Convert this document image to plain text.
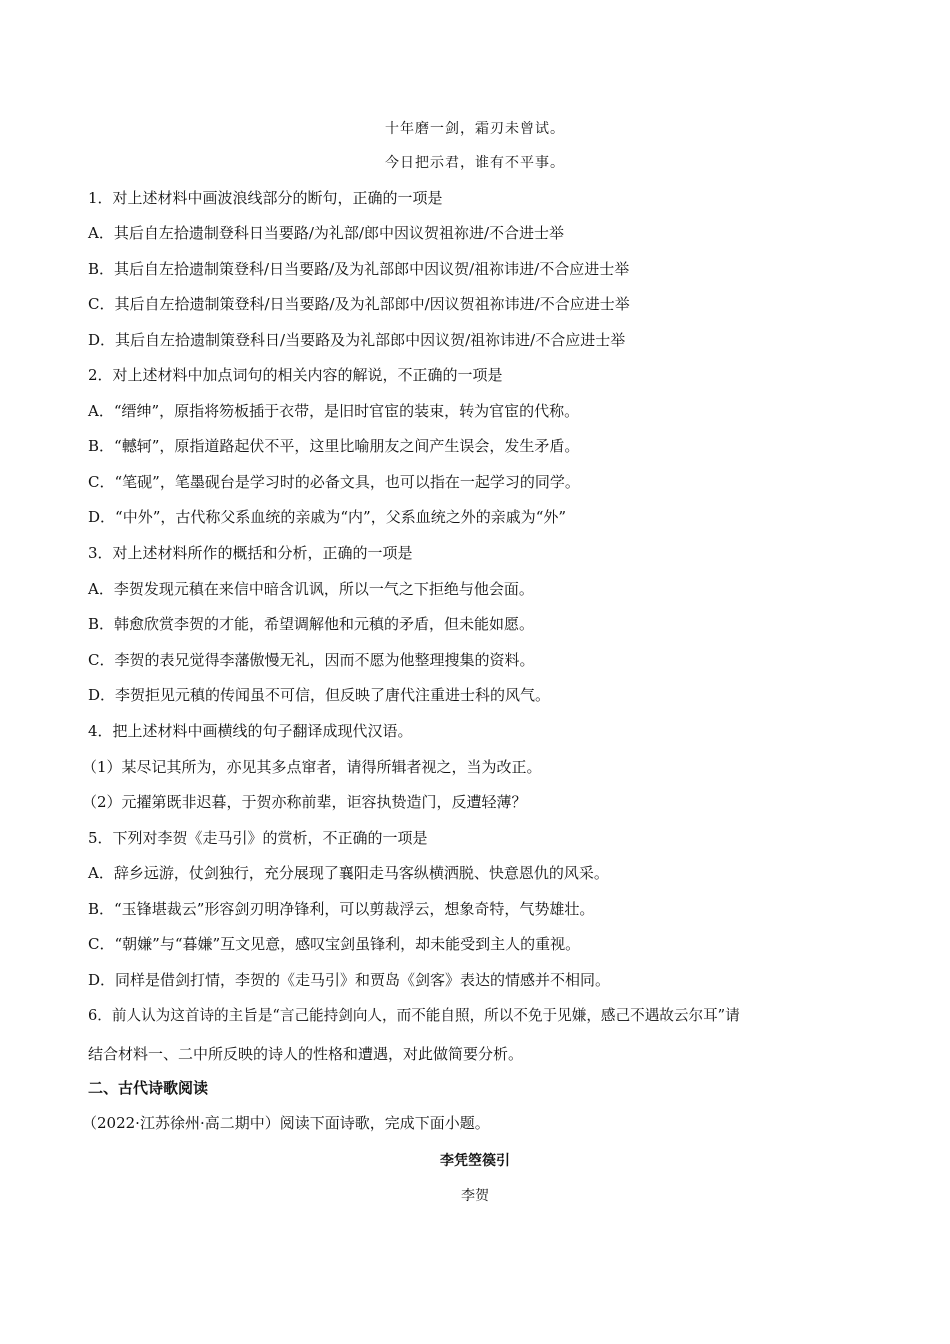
十年磨一剑，霜刃未曾试。
今日把示君，谁有不平事。
1．对上述材料中画波浪线部分的断句，正确的一项是
A．其后自左拾遗制登科日当要路/为礼部/郎中因议贺祖祢进/不合进士举
B．其后自左拾遗制策登科/日当要路/及为礼部郎中因议贺/祖祢讳进/不合应进士举
C．其后自左拾遗制策登科/日当要路/及为礼部郎中/因议贺祖祢讳进/不合应进士举
D．其后自左拾遗制策登科日/当要路及为礼部郎中因议贺/祖祢讳进/不合应进士举
2．对上述材料中加点词句的相关内容的解说，不正确的一项是
A．“缙绅”，原指将笏板插于衣带，是旧时官宦的装束，转为官宦的代称。
B．“轗轲”，原指道路起伏不平，这里比喻朋友之间产生误会，发生矛盾。
C．“笔砚”，笔墨砚台是学习时的必备文具，也可以指在一起学习的同学。
D．“中外”，古代称父系血统的亲戚为“内”，父系血统之外的亲戚为“外”
3．对上述材料所作的概括和分析，正确的一项是
A．李贺发现元稹在来信中暗含讥讽，所以一气之下拒绝与他会面。
B．韩愈欣赏李贺的才能，希望调解他和元稹的矛盾，但未能如愿。
C．李贺的表兄觉得李藩傲慢无礼，因而不愿为他整理搜集的资料。
D．李贺拒见元稹的传闻虽不可信，但反映了唐代注重进士科的风气。
4．把上述材料中画横线的句子翻译成现代汉语。
（1）某尽记其所为，亦见其多点窜者，请得所辑者视之，当为改正。
（2）元擢第既非迟暮，于贺亦称前辈，讵容执贽造门，反遭轻薄？
5．下列对李贺《走马引》的赏析，不正确的一项是
A．辞乡远游，仗剑独行，充分展现了襄阳走马客纵横洒脱、快意恩仇的风采。
B．“玉锋堪裁云”形容剑刃明净锋利，可以剪裁浮云，想象奇特，气势雄壮。
C．“朝嫌”与“暮嫌”互文见意，感叹宝剑虽锋利，却未能受到主人的重视。
D．同样是借剑打情，李贺的《走马引》和贾岛《剑客》表达的情感并不相同。
6．前人认为这首诗的主旨是“言己能持剑向人，而不能自照，所以不免于见嫌，感己不遇故云尔耳”请
结合材料一、二中所反映的诗人的性格和遭遇，对此做简要分析。
二、古代诗歌阅读
（2022·江苏徐州·高二期中）阅读下面诗歌，完成下面小题。
李凭箜篌引
李贺
